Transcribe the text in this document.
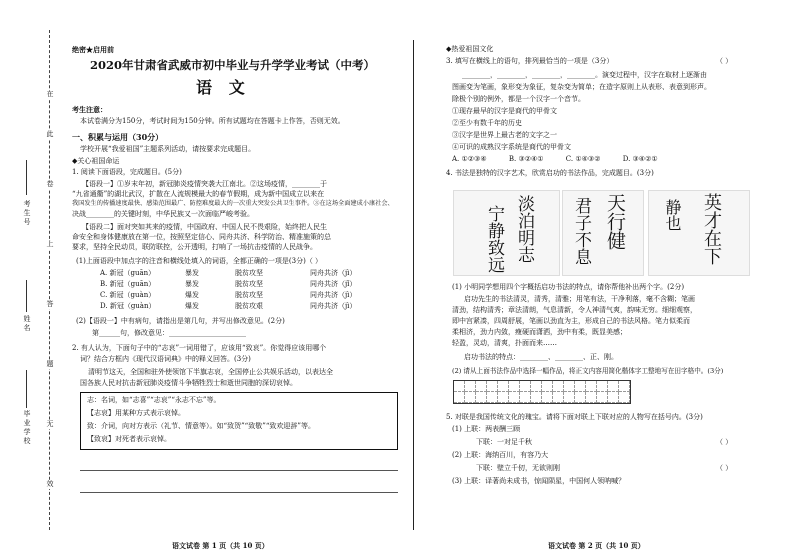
在
此
卷
上
答
题
无
效
考生号
姓名
毕业学校
绝密★启用前
2020年甘肃省武威市初中毕业与升学学业考试（中考）
语   文
考生注意：
本试卷满分为150分，考试时间为150分钟。所有试题均在答题卡上作答，否则无效。
一、积累与运用（30分）
学校开展“我爱祖国”主题系列活动，请按要求完成题目。
◆关心祖国命运
1. 阅读下面语段，完成题目。(5分)
【语段一】①岁末年初，新冠肺炎疫情突袭大江南北。②这场疫情，________于
“九省通衢”的湖北武汉，扩散在人流规模最大的春节假期，成为新中国成立以来在
我国发生的传播速度最快、感染范围最广、防控难度最大的一次重大突发公共卫生事件。③在这场全面建成小康社会、
决战________的关键时刻，中华民族又一次面临严峻考验。
【语段二】面对突如其来的疫情，中国政府、中国人民不畏艰险，始终把人民生
命安全和身体健康放在第一位，按照坚定信心、同舟共济、科学防治、精准施策的总
要求，坚持全民动员，联防联控，公开透明，打响了一场抗击疫情的人民战争。
(1)上面语段中加点字的注音和横线处填入的词语，全都正确的一项是(3分)（ ）
A. 新冠（guān）	暴发	脱贫攻坚	同舟共济（jì）
B. 新冠（guān）	暴发	脱贫攻坚	同舟共济（jǐ）
C. 新冠（guàn）	爆发	脱贫攻坚	同舟共济（jì）
D. 新冠（guàn）	爆发	脱贫攻艰	同舟共济（jì）
(2)【语段一】中有病句，请指出是第几句，并写出修改意见。(2分)
第______句，修改意见：______________________
2. 有人认为，下面句子中的“志哀”一词用错了，应该用“致哀”。你觉得应该用哪个
词？结合方框内《现代汉语词典》中的释义回答。(3分)
清明节这天，全国和驻外使领馆下半旗志哀，全国停止公共娱乐活动，以表达全
国各族人民对抗击新冠肺炎疫情斗争牺牲烈士和逝世同胞的深切哀悼。
志：名词，如“志喜”“志哀”“永志不忘”等。
【志哀】用某种方式表示哀悼。
致：介词，向对方表示（礼节、情意等）。如“致贺”“致敬”“致欢迎辞”等。
【致哀】对死者表示哀悼。
语文试卷 第 1 页（共 10 页）
◆热爱祖国文化
3. 填写在横线上的语句，排列最恰当的一项是（3分）	（ ）
________，________，________，________。演变过程中，汉字在取材上逐渐由
图画变为笔画，象形变为象征，复杂变为简单；在造字原则上从表形、表意到形声。
除极个别的例外，都是一个汉字一个音节。
①现存最早的汉字是商代的甲骨文
②至少有数千年的历史
③汉字是世界上最古老的文字之一
④可识的成熟汉字系统是商代的甲骨文
A. ①②③④          B. ③②④①          C. ①④③②          D. ③④②①
4. 书法是独特的汉字艺术，欣赏启功的书法作品，完成题目。(3分)
淡泊明志
宁静致远	君子不息 天行健	英才在下
静也
(1) 小明同学想用四个字概括启功书法的特点，请你帮他补出两个字。(2分)
启功先生的书法清灵，清秀，清雅；用笔有法，干净利落，毫不含糊；笔画
清劲，结构清秀；章法清朗，气息清新，令人神清气爽，韵味无穷。细细观察，
即中宫紧凑，四周舒展，笔画以劲直为主，形成自己的书法风格。笔力似柔而
柔相济，劲力内敛，瘦硬而潇洒，劲中有柔，既显美感；
轻盈，灵动，清爽，扑面而来……
启功书法的特点：________、________、正、刚。
(2) 请从上面书法作品中选择一幅作品，将正文内容用简化楷体字工整地写在田字格中。(3分)
5. 对联是我国传统文化的瑰宝。请将下面对联上下联对应的人物写在括号内。(3分)
(1) 上联：两表酬三顾
下联：一对足千秋	（ ）
(2) 上联：海纳百川，有容乃大
下联：壁立千仞，无欲则刚	（ ）
(3) 上联：译著尚未成书，惊闻陨星，中国何人领呐喊？
语文试卷 第 2 页（共 10 页）
